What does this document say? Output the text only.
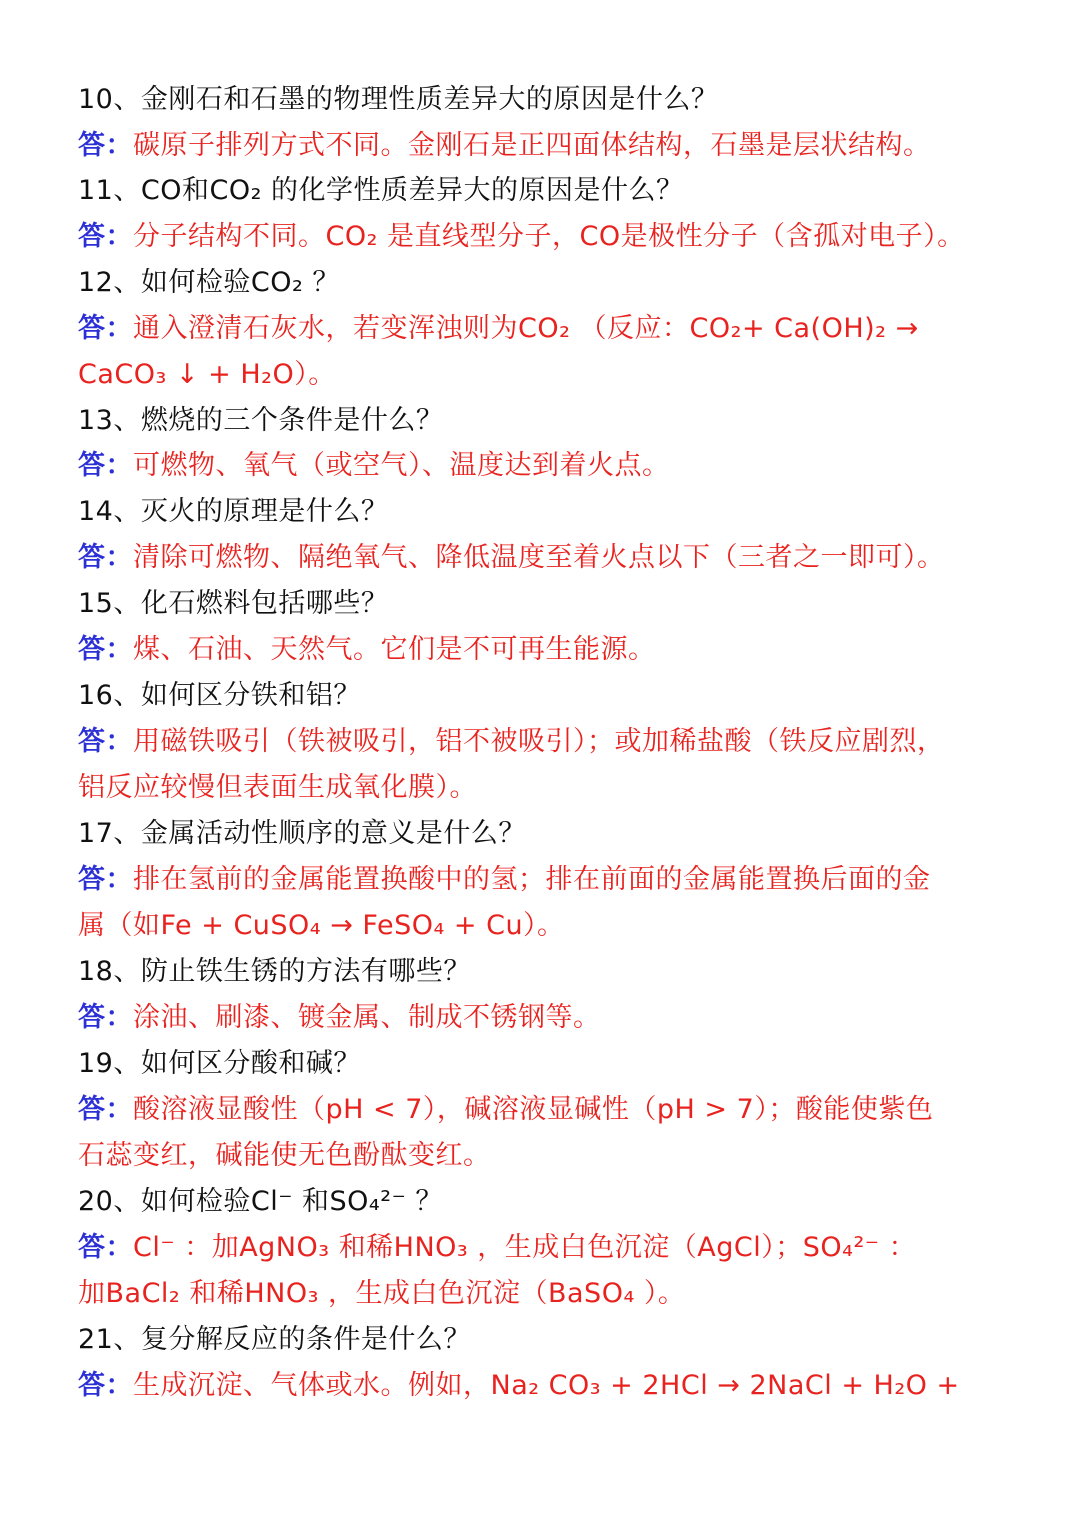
10、金刚石和石墨的物理性质差异大的原因是什么？
答：碳原子排列方式不同。金刚石是正四面体结构，石墨是层状结构。
11、CO和CO₂ 的化学性质差异大的原因是什么？
答：分子结构不同。CO₂ 是直线型分子，CO是极性分子（含孤对电子）。
12、如何检验CO₂ ？
答：通入澄清石灰水，若变浑浊则为CO₂ （反应：CO₂+ Ca(OH)₂ →
CaCO₃ ↓ + H₂O）。
13、燃烧的三个条件是什么？
答：可燃物、氧气（或空气）、温度达到着火点。
14、灭火的原理是什么？
答：清除可燃物、隔绝氧气、降低温度至着火点以下（三者之一即可）。
15、化石燃料包括哪些？
答：煤、石油、天然气。它们是不可再生能源。
16、如何区分铁和铝？
答：用磁铁吸引（铁被吸引，铝不被吸引）；或加稀盐酸（铁反应剧烈，
铝反应较慢但表面生成氧化膜）。
17、金属活动性顺序的意义是什么？
答：排在氢前的金属能置换酸中的氢；排在前面的金属能置换后面的金
属（如Fe + CuSO₄ → FeSO₄ + Cu）。
18、防止铁生锈的方法有哪些？
答：涂油、刷漆、镀金属、制成不锈钢等。
19、如何区分酸和碱？
答：酸溶液显酸性（pH < 7），碱溶液显碱性（pH > 7）；酸能使紫色
石蕊变红，碱能使无色酚酞变红。
20、如何检验Cl⁻ 和SO₄²⁻ ？
答：Cl⁻ ：加AgNO₃ 和稀HNO₃ ，生成白色沉淀（AgCl）；SO₄²⁻ ：
加BaCl₂ 和稀HNO₃ ，生成白色沉淀（BaSO₄ ）。
21、复分解反应的条件是什么？
答：生成沉淀、气体或水。例如，Na₂ CO₃ + 2HCl → 2NaCl + H₂O +
